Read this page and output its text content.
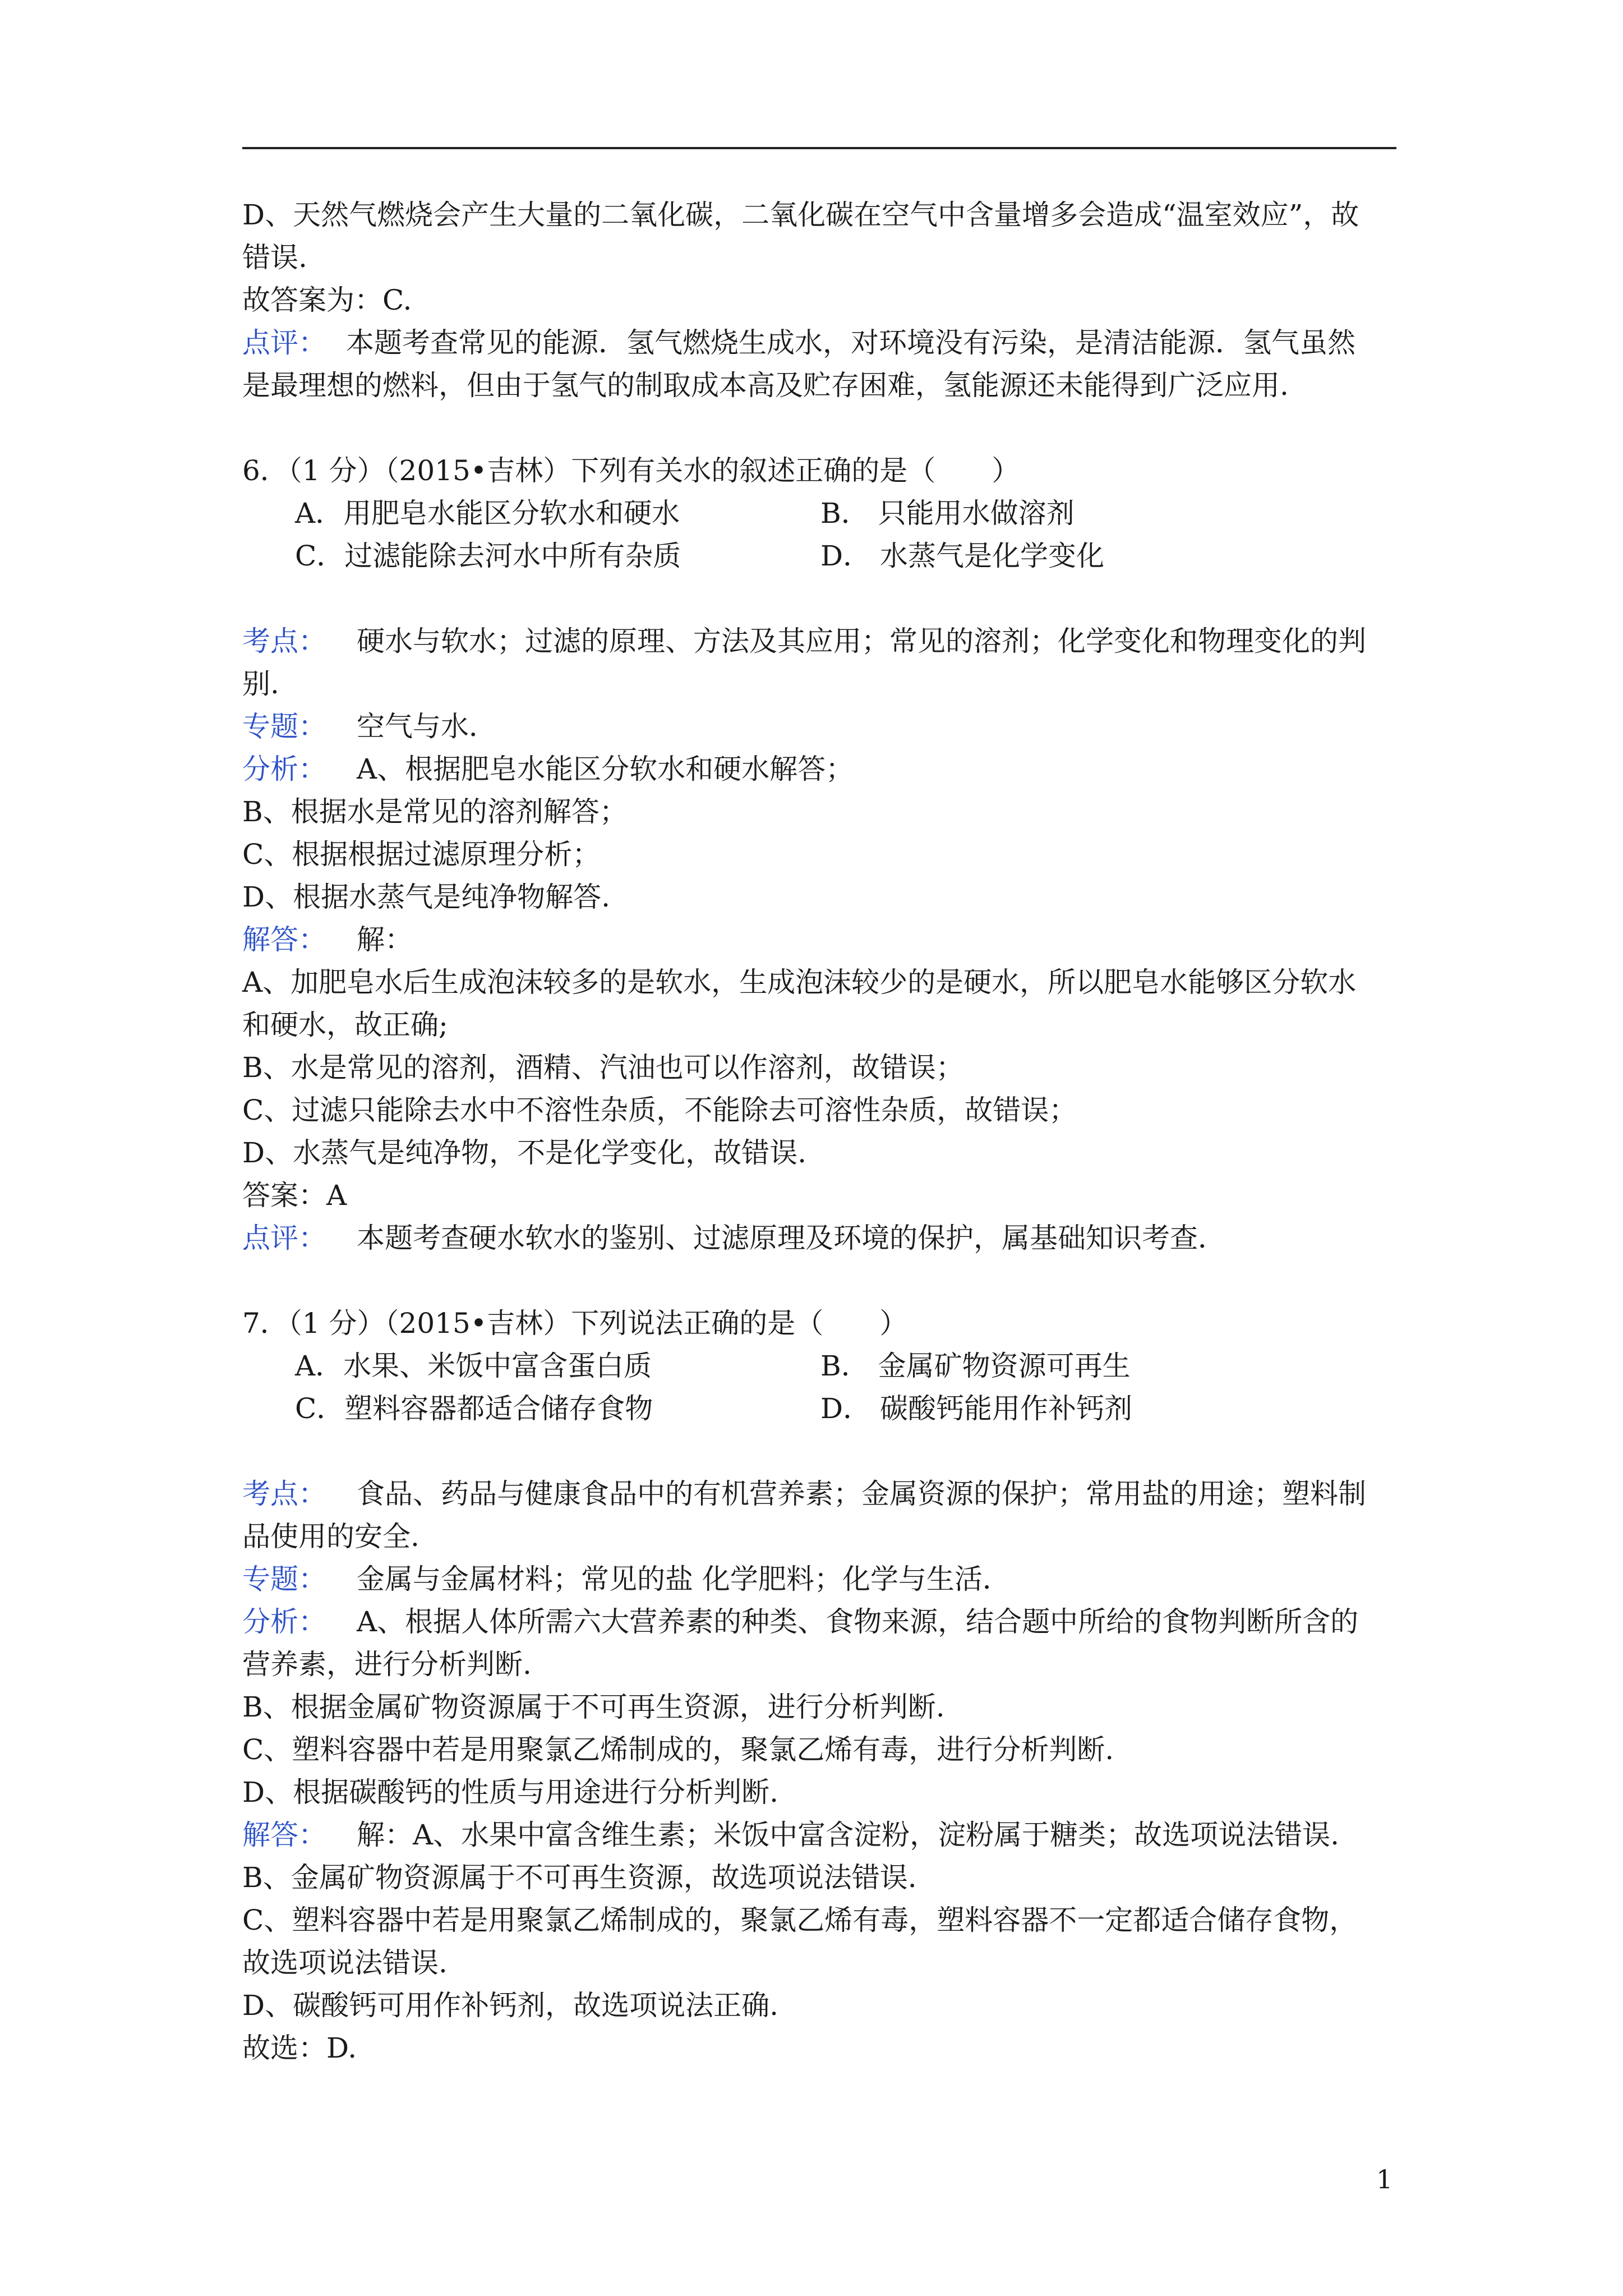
D、天然气燃烧会产生大量的二氧化碳，二氧化碳在空气中含量增多会造成“温室效应”，故
错误.
故答案为：C.
点评： 本题考查常见的能源．氢气燃烧生成水，对环境没有污染，是清洁能源．氢气虽然
是最理想的燃料，但由于氢气的制取成本高及贮存困难，氢能源还未能得到广泛应用.
6．（1 分）（2015•吉林）下列有关水的叙述正确的是（　　）
A．用肥皂水能区分软水和硬水	B． 只能用水做溶剂
C．过滤能除去河水中所有杂质	D． 水蒸气是化学变化
考点： 硬水与软水；过滤的原理、方法及其应用；常见的溶剂；化学变化和物理变化的判
别.
专题： 空气与水．
分析： A、根据肥皂水能区分软水和硬水解答；
B、根据水是常见的溶剂解答；
C、根据根据过滤原理分析；
D、根据水蒸气是纯净物解答.
解答： 解：
A、加肥皂水后生成泡沫较多的是软水，生成泡沫较少的是硬水，所以肥皂水能够区分软水
和硬水，故正确;
B、水是常见的溶剂，酒精、汽油也可以作溶剂，故错误；
C、过滤只能除去水中不溶性杂质，不能除去可溶性杂质，故错误；
D、水蒸气是纯净物，不是化学变化，故错误.
答案：A
点评： 本题考查硬水软水的鉴别、过滤原理及环境的保护，属基础知识考查．
7．（1 分）（2015•吉林）下列说法正确的是（　　）
A．水果、米饭中富含蛋白质	B． 金属矿物资源可再生
C．塑料容器都适合储存食物	D． 碳酸钙能用作补钙剂
考点： 食品、药品与健康食品中的有机营养素；金属资源的保护；常用盐的用途；塑料制
品使用的安全.
专题： 金属与金属材料；常见的盐 化学肥料；化学与生活．
分析： A、根据人体所需六大营养素的种类、食物来源，结合题中所给的食物判断所含的
营养素，进行分析判断.
B、根据金属矿物资源属于不可再生资源，进行分析判断.
C、塑料容器中若是用聚氯乙烯制成的，聚氯乙烯有毒，进行分析判断.
D、根据碳酸钙的性质与用途进行分析判断.
解答： 解：A、水果中富含维生素；米饭中富含淀粉，淀粉属于糖类；故选项说法错误.
B、金属矿物资源属于不可再生资源，故选项说法错误.
C、塑料容器中若是用聚氯乙烯制成的，聚氯乙烯有毒，塑料容器不一定都适合储存食物，
故选项说法错误.
D、碳酸钙可用作补钙剂，故选项说法正确.
故选：D.
1
